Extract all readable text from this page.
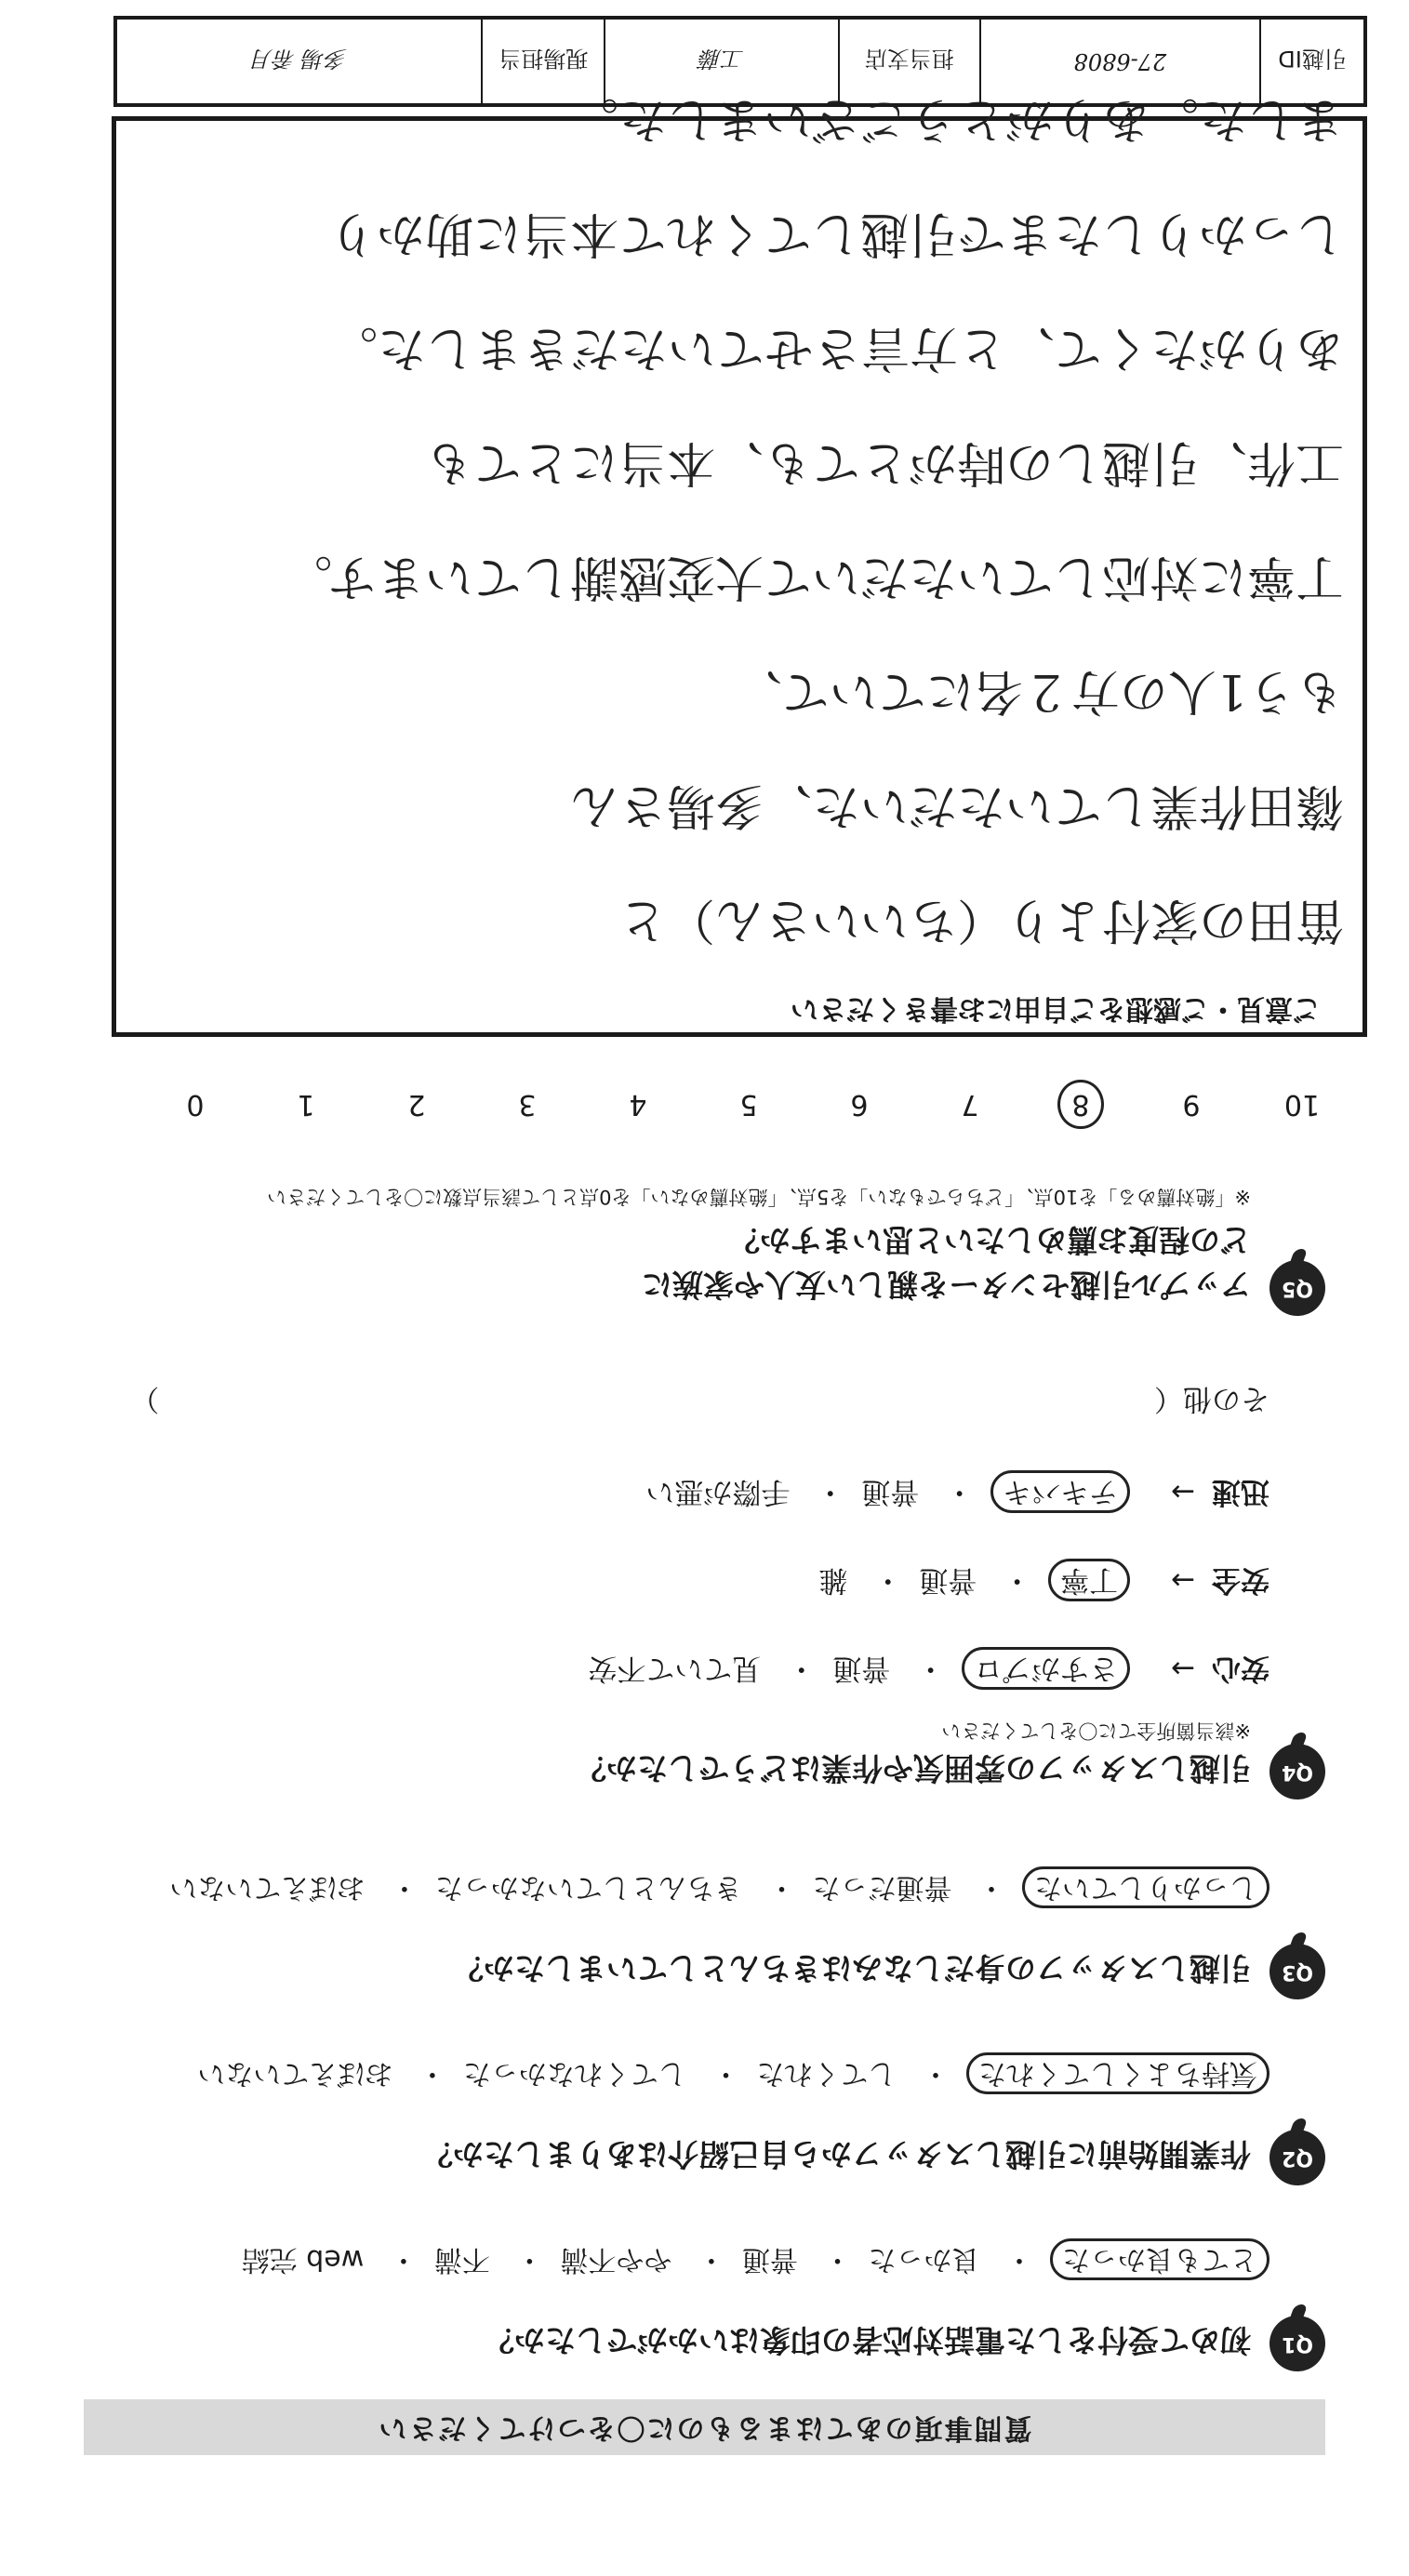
質問事項のあてはまるものに〇をつけてください
Q1
初めて受付をした電話対応者の印象はいかがでしたか？
とても良かった・ 良かった・ 普通・ やや不満・ 不満・ web 完結
Q2
作業開始前に引越しスタッフから自己紹介はありましたか？
気持ちよくしてくれた・ してくれた・ してくれなかった・ おぼえていない
Q3
引越しスタッフの身だしなみはきちんとしていましたか？
しっかりしていた・ 普通だった・ きちんとしていなかった・ おぼえていない
Q4
引越しスタッフの雰囲気や作業はどうでしたか？
※該当箇所全てに〇をしてください
安心→ さすがプロ・ 普通・ 見ていて不安
安全→ 丁寧・ 普通・ 雑
迅速→ テキパキ・ 普通・ 手際が悪い
その他（  ）
Q5
アップル引越センターを親しい友人や家族に
どの程度お薦めしたいと思いますか？
※「絶対薦める」を10点、「どちらでもない」を5点、「絶対薦めない」を0点として該当点数に〇をしてください
10
9
8
7
6
5
4
3
2
1
0
ご意見・ご感想をご自由にお書きください
笛田の家付より（ちいいさん）と
篠田作業していただいた、多場さん
もう1人の方２名にていて、
丁寧に対応していただいて大変感謝しています。
工作、引越しの時がとても、本当にとても
ありがたくて、と方言させていただきました。
しっかりしたまで引越してくれて本当に助かり
ました。ありがとうございました。
引越ID
27-6808
担当支店
工藤
現場担当
多場 希月
